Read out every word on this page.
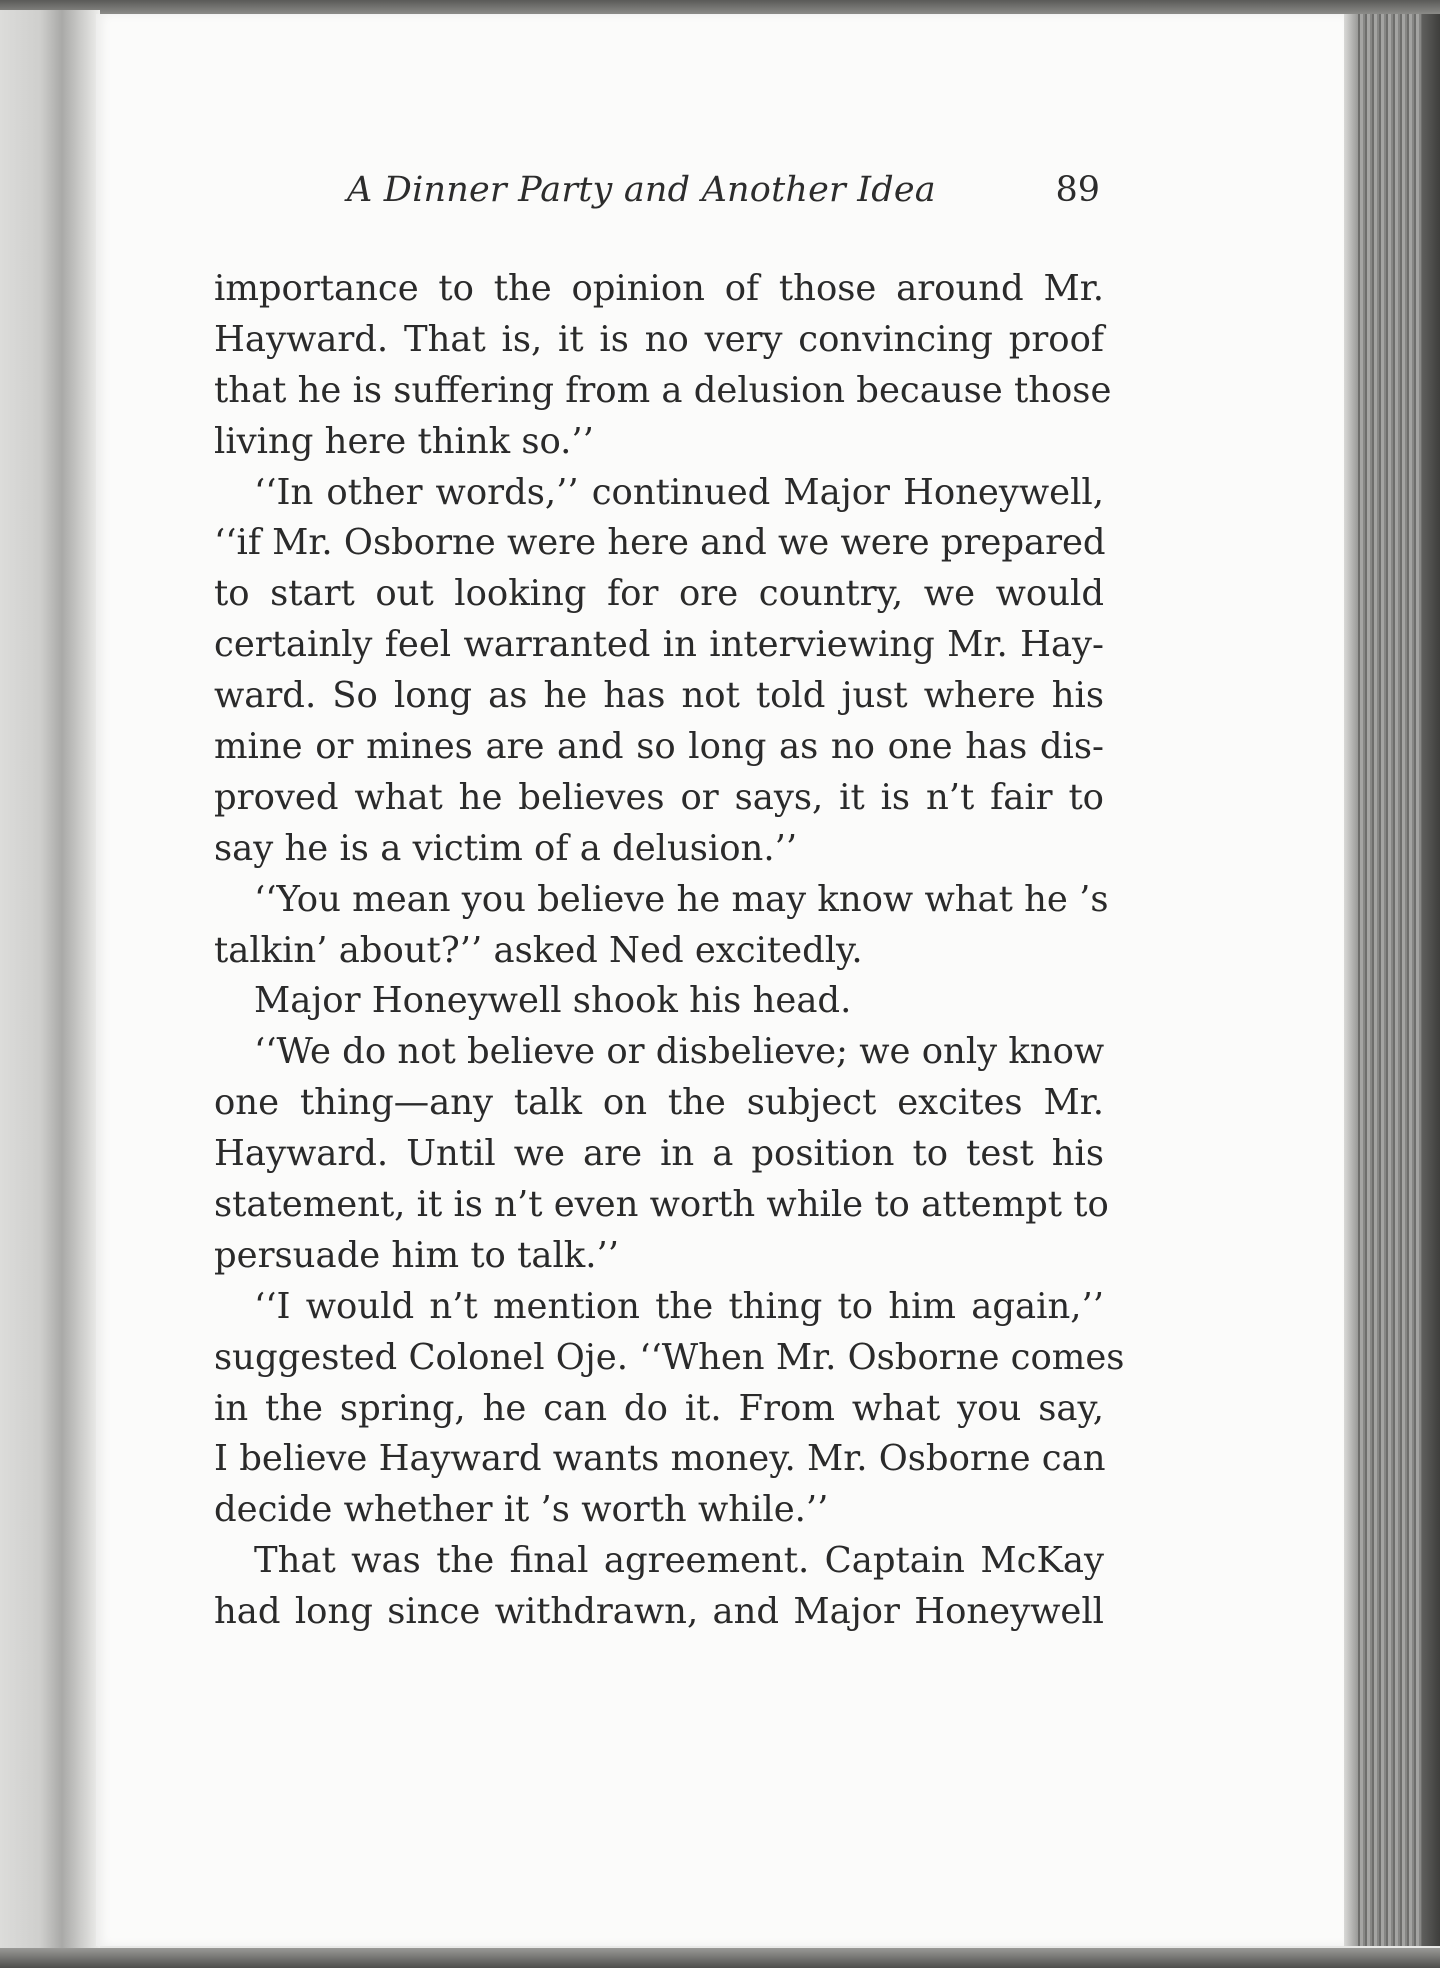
A Dinner Party and Another Idea	89
importance to the opinion of those around Mr.
Hayward. That is, it is no very convincing proof
that he is suffering from a delusion because those
living here think so.’’
‘‘In other words,’’ continued Major Honeywell,
‘‘if Mr. Osborne were here and we were prepared
to start out looking for ore country, we would
certainly feel warranted in interviewing Mr. Hay-
ward. So long as he has not told just where his
mine or mines are and so long as no one has dis-
proved what he believes or says, it is n’t fair to
say he is a victim of a delusion.’’
‘‘You mean you believe he may know what he ’s
talkin’ about?’’ asked Ned excitedly.
Major Honeywell shook his head.
‘‘We do not believe or disbelieve; we only know
one thing—any talk on the subject excites Mr.
Hayward. Until we are in a position to test his
statement, it is n’t even worth while to attempt to
persuade him to talk.’’
‘‘I would n’t mention the thing to him again,’’
suggested Colonel Oje. ‘‘When Mr. Osborne comes
in the spring, he can do it. From what you say,
I believe Hayward wants money. Mr. Osborne can
decide whether it ’s worth while.’’
That was the final agreement. Captain McKay
had long since withdrawn, and Major Honeywell
